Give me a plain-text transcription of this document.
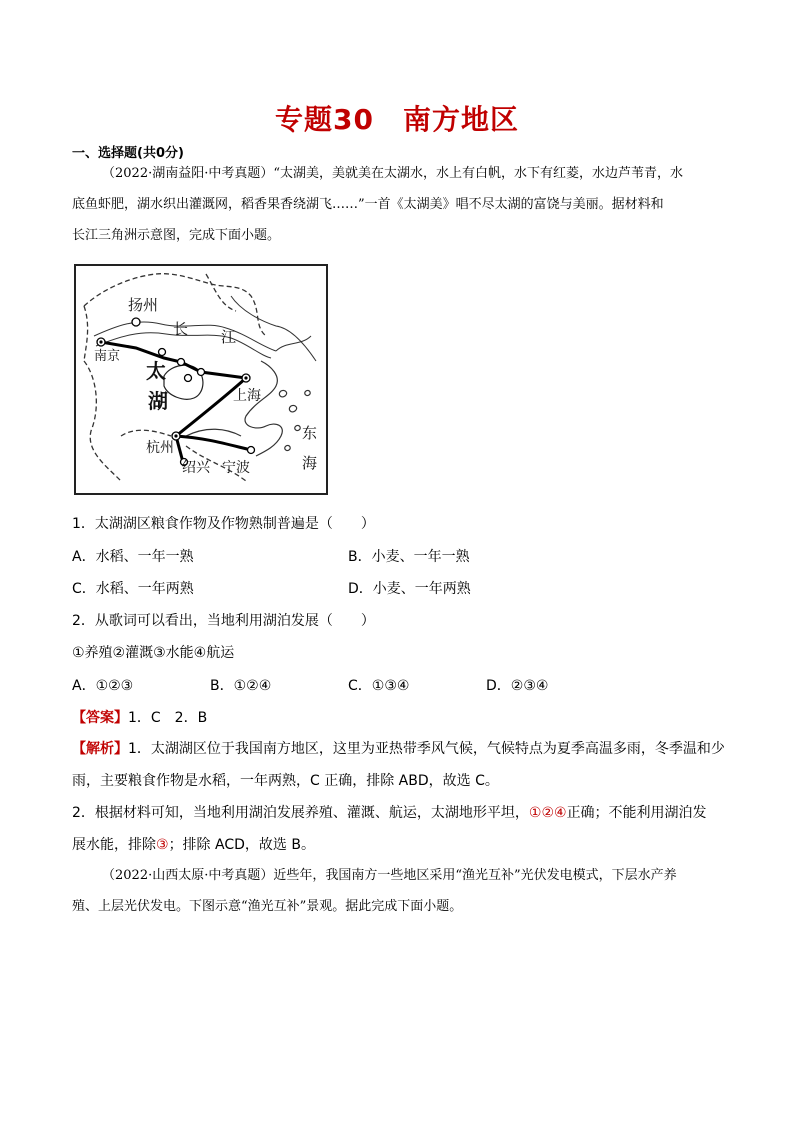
专题30　南方地区
一、选择题(共0分)
（2022·湖南益阳·中考真题）“太湖美，美就美在太湖水，水上有白帆，水下有红菱，水边芦苇青，水
底鱼虾肥，湖水织出灌溉网，稻香果香绕湖飞……”一首《太湖美》唱不尽太湖的富饶与美丽。据材料和
长江三角洲示意图，完成下面小题。
扬州
长 江
南京
太
湖	上海
杭州
绍兴 宁波
东
海
1．太湖湖区粮食作物及作物熟制普遍是（　　）
A．水稻、一年一熟	B．小麦、一年一熟
C．水稻、一年两熟	D．小麦、一年两熟
2．从歌词可以看出，当地利用湖泊发展（　　）
①养殖②灌溉③水能④航运
A．①②③	B．①②④	C．①③④	D．②③④
【答案】1．C　2．B
【解析】1．太湖湖区位于我国南方地区，这里为亚热带季风气候，气候特点为夏季高温多雨，冬季温和少
雨，主要粮食作物是水稻，一年两熟，C 正确，排除 ABD，故选 C。
2．根据材料可知，当地利用湖泊发展养殖、灌溉、航运，太湖地形平坦，①②④正确；不能利用湖泊发
展水能，排除③；排除 ACD，故选 B。
（2022·山西太原·中考真题）近些年，我国南方一些地区采用“渔光互补”光伏发电模式，下层水产养
殖、上层光伏发电。下图示意“渔光互补”景观。据此完成下面小题。
